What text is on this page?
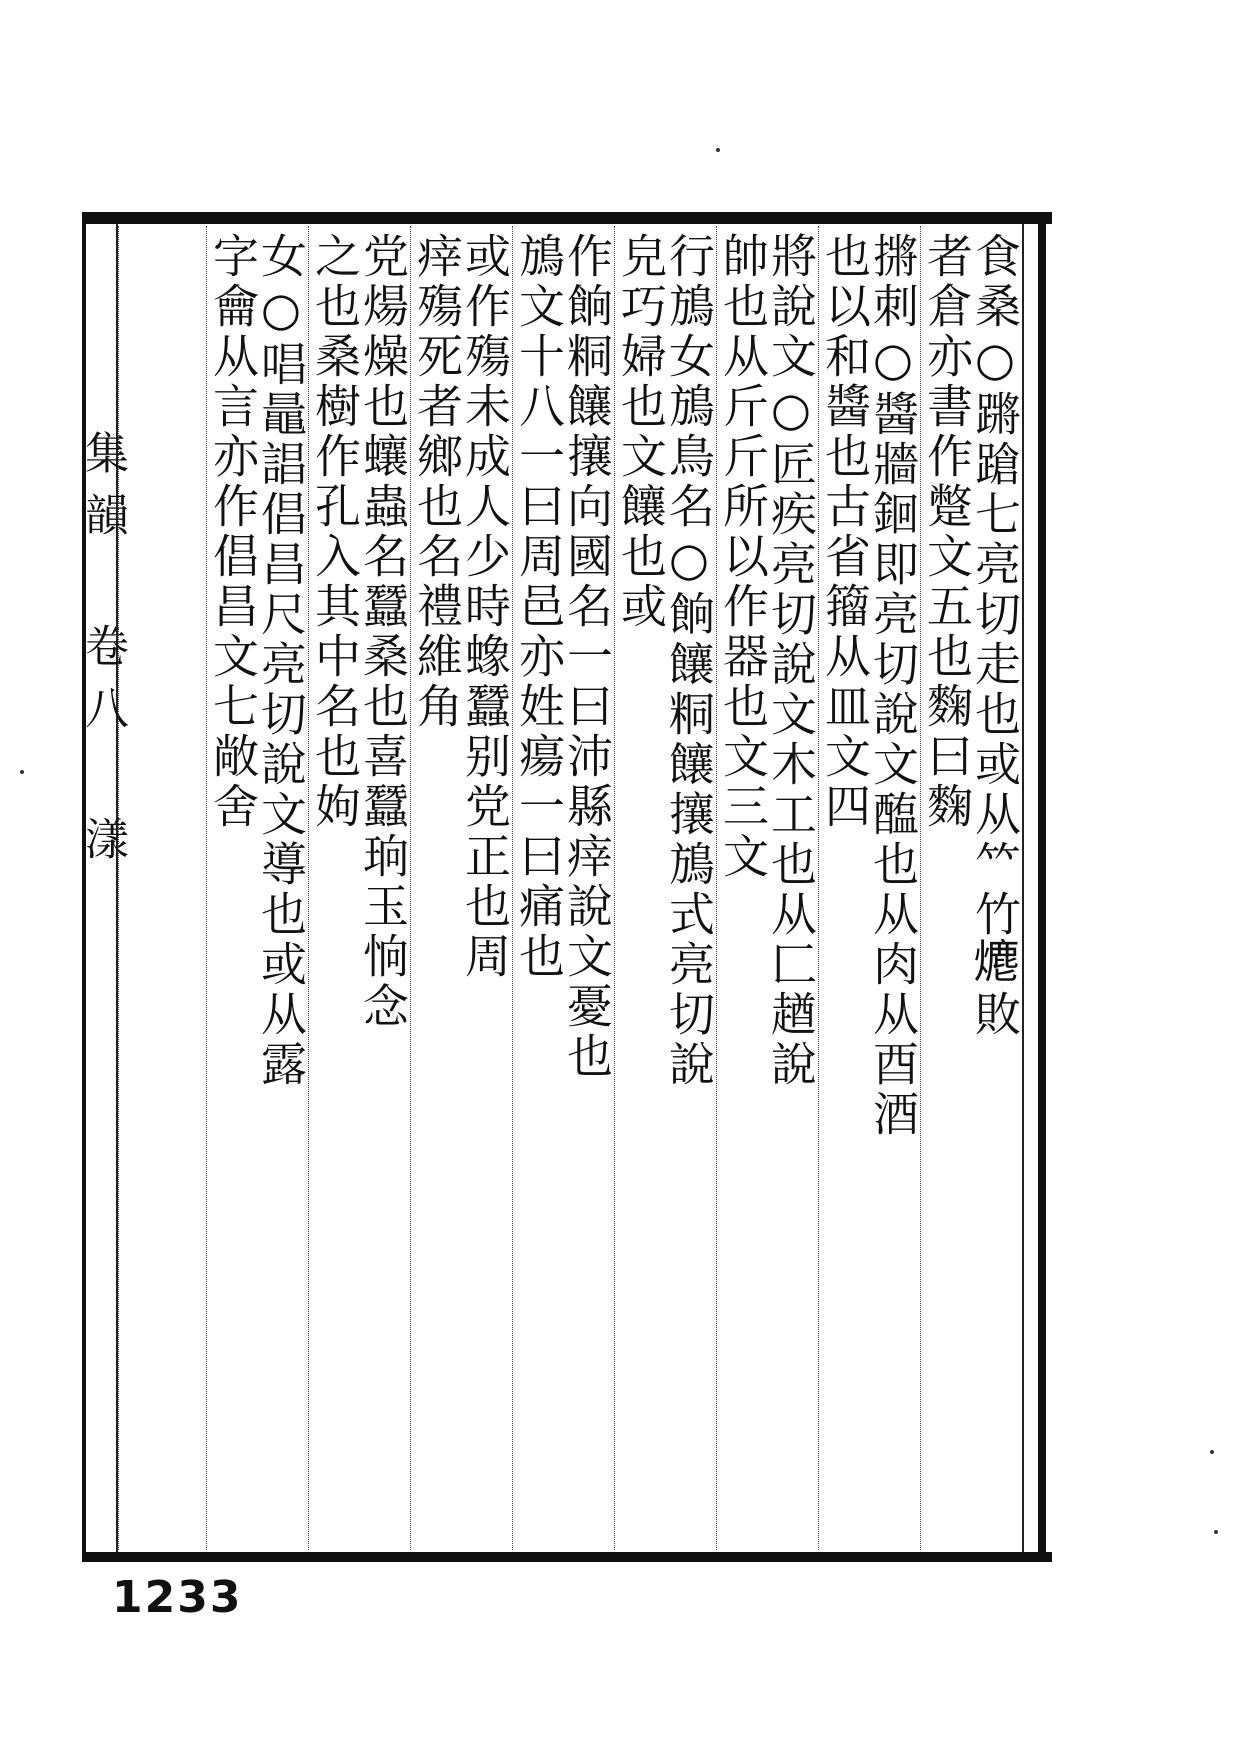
集韻 卷八 漾	食桑○蹡蹌七亮切走也或从𥫗竹𤏶敗
者倉亦書作蹩文五也麴曰麴
摪刺○醬牆䤧即亮切說文醢也从肉从酉酒
也以和醬也古省籀从皿文四
將說文○匠疾亮切說文木工也从匚趥說
帥也从斤斤所以作器也文三文
行鴋女鴋鳥名○餉饟粡饟攘鴋式亮切說
皃巧婦也文饟也或
作餉粡饟攘向國名一曰沛縣㾕說文憂也
鴋文十八一曰周邑亦姓瘍一曰痛也
或作殤未成人少時蟓蠶别党正也周
㾕殤死者鄉也名禮維角
党煬燥也蠰蟲名蠶桑也喜蠶珦玉恦念
之也桑樹作孔入其中名也姁
女○唱鼂誯倡昌尺亮切說文導也或从露
字龠从言亦作倡昌文七敞舍
1233
